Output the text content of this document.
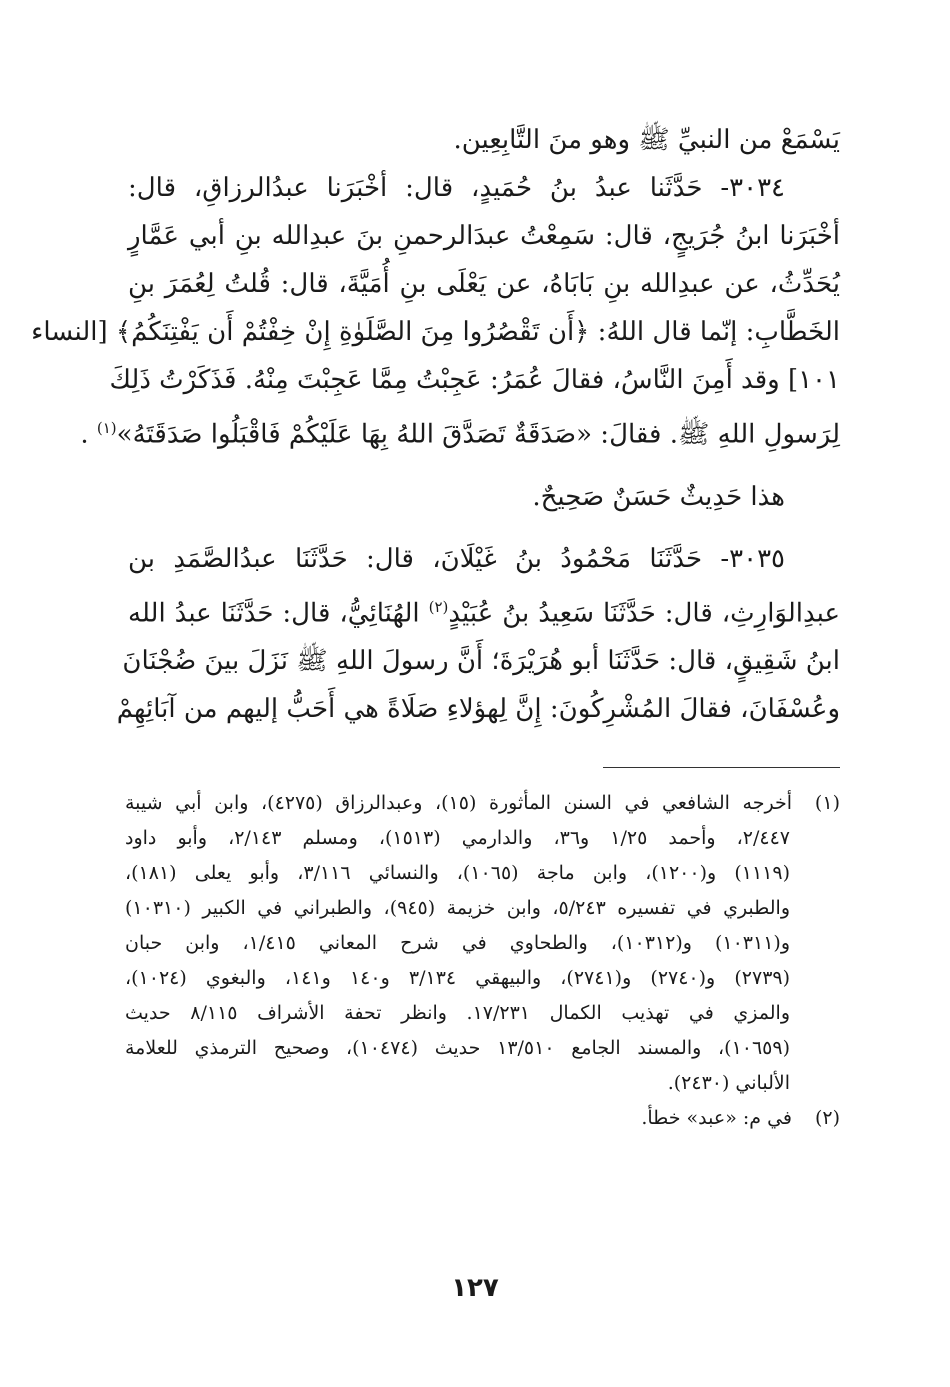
يَسْمَعْ من النبيِّ ﷺ وهو منَ التَّابِعِين.
٣٠٣٤- حَدَّثَنا عبدُ بنُ حُمَيدٍ، قال: أخْبَرَنا عبدُالرزاقِ، قال:
أخْبَرَنا ابنُ جُرَيجٍ، قال: سَمِعْتُ عبدَالرحمنِ بنَ عبدِالله بنِ أبي عَمَّارٍ
يُحَدِّثُ، عن عبدِالله بنِ بَابَاهُ، عن يَعْلَى بنِ أُمَيَّةَ، قال: قُلتُ لِعُمَرَ بنِ
الخَطَّابِ: إنّما قال اللهُ: ﴿أَن تَقْصُرُوا مِنَ الصَّلَوٰةِ إِنْ خِفْتُمْ أَن يَفْتِنَكُمُ﴾ [النساء
١٠١] وقد أَمِنَ النَّاسُ، فقالَ عُمَرُ: عَجِبْتُ مِمَّا عَجِبْتَ مِنْهُ. فَذَكَرْتُ ذَلِكَ
لِرَسولِ اللهِ ﷺ. فقالَ: «صَدَقَةٌ تَصَدَّقَ اللهُ بِهَا عَلَيْكُمْ فَاقْبَلُوا صَدَقَتَهُ»$^{(١)}$ .
هذا حَدِيثٌ حَسَنٌ صَحِيحٌ.
٣٠٣٥- حَدَّثَنَا مَحْمُودُ بنُ غَيْلَانَ، قال: حَدَّثَنَا عبدُالصَّمَدِ بن
عبدِالوَارِثِ، قال: حَدَّثَنَا سَعِيدُ بنُ عُبَيْدٍ$^{(٢)}$ الهُنَائِيُّ، قال: حَدَّثَنَا عبدُ الله
ابنُ شَقِيقٍ، قال: حَدَّثَنَا أبو هُرَيْرَةَ؛ أَنَّ رسولَ اللهِ ﷺ نَزَلَ بينَ ضُجْنَانَ
وعُسْفَانَ، فقالَ المُشْرِكُونَ: إِنَّ لِهؤلاءِ صَلَاةً هي أَحَبُّ إليهم من آبَائِهِمْ
(١)أخرجه الشافعي في السنن المأثورة (١٥)، وعبدالرزاق (٤٢٧٥)، وابن أبي شيبة
٢/٤٤٧، وأحمد ١/٢٥ و٣٦، والدارمي (١٥١٣)، ومسلم ٢/١٤٣، وأبو داود
(١١١٩) و(١٢٠٠)، وابن ماجة (١٠٦٥)، والنسائي ٣/١١٦، وأبو يعلى (١٨١)،
والطبري في تفسيره ٥/٢٤٣، وابن خزيمة (٩٤٥)، والطبراني في الكبير (١٠٣١٠)
و(١٠٣١١) و(١٠٣١٢)، والطحاوي في شرح المعاني ١/٤١٥، وابن حبان
(٢٧٣٩) و(٢٧٤٠) و(٢٧٤١)، والبيهقي ٣/١٣٤ و١٤٠ و١٤١، والبغوي (١٠٢٤)،
والمزي في تهذيب الكمال ١٧/٢٣١. وانظر تحفة الأشراف ٨/١١٥ حديث
(١٠٦٥٩)، والمسند الجامع ١٣/٥١٠ حديث (١٠٤٧٤)، وصحيح الترمذي للعلامة
الألباني (٢٤٣٠).
(٢)في م: «عبد» خطأ.
١٢٧
